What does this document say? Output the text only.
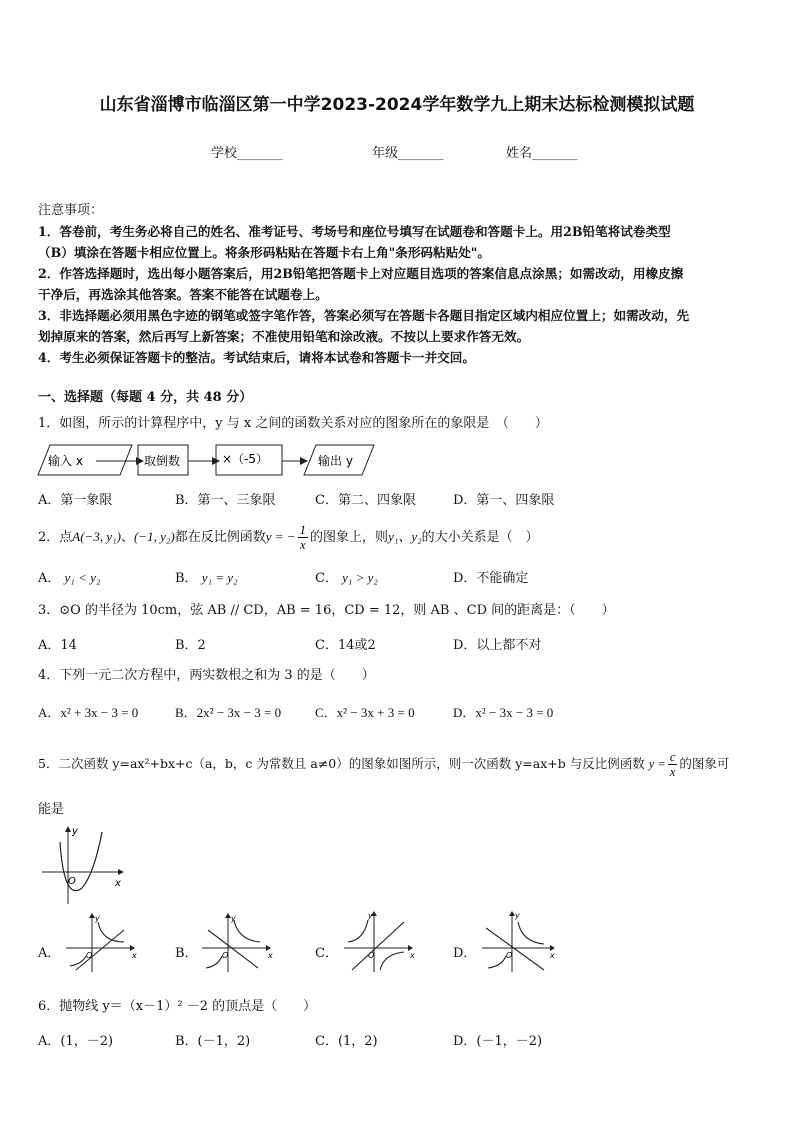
山东省淄博市临淄区第一中学2023-2024学年数学九上期末达标检测模拟试题
学校_______	年级_______	姓名_______
注意事项：
1．答卷前，考生务必将自己的姓名、准考证号、考场号和座位号填写在试题卷和答题卡上。用2B铅笔将试卷类型
（B）填涂在答题卡相应位置上。将条形码粘贴在答题卡右上角"条形码粘贴处"。
2．作答选择题时，选出每小题答案后，用2B铅笔把答题卡上对应题目选项的答案信息点涂黑；如需改动，用橡皮擦
干净后，再选涂其他答案。答案不能答在试题卷上。
3．非选择题必须用黑色字迹的钢笔或签字笔作答，答案必须写在答题卡各题目指定区域内相应位置上；如需改动，先
划掉原来的答案，然后再写上新答案；不准使用铅笔和涂改液。不按以上要求作答无效。
4．考生必须保证答题卡的整洁。考试结束后，请将本试卷和答题卡一并交回。
一、选择题（每题 4 分，共 48 分）
1．如图，所示的计算程序中，y 与 x 之间的函数关系对应的图象所在的象限是　（　　）
输入 x	取倒数	×（-5）	输出 y
A．第一象限	B．第一、三象限	C．第二、四象限	D．第一、四象限
2．点A(−3, y₁)、(−1, y₂)都在反比例函数y = − $\frac{1}{x}$ 的图象上，则y₁、y₂的大小关系是（　）
A． y₁ < y₂	B． y₁ = y₂	C． y₁ > y₂	D．不能确定
3．⊙O 的半径为 10cm，弦 AB // CD，AB = 16，CD = 12，则 AB 、CD 间的距离是：（　　）
A．14	B．2	C．14或2	D．以上都不对
4．下列一元二次方程中，两实数根之和为 3 的是（　　）
A．x² + 3x − 3 = 0	B．2x² − 3x − 3 = 0	C．x² − 3x + 3 = 0	D．x² − 3x − 3 = 0
5．二次函数 y=ax²+bx+c（a，b，c 为常数且 a≠0）的图象如图所示，则一次函数 y=ax+b 与反比例函数 $y = \frac{c}{x}$ 的图象可
能是
y
x
O
A．
y
x
O	B．
y
x
O	C．
y
x
O	D．
y
x
O
6．抛物线 y＝（x－1）² －2 的顶点是（　　）
A．(1，－2)	B．(－1，2)	C．(1，2)	D．(－1，－2)
